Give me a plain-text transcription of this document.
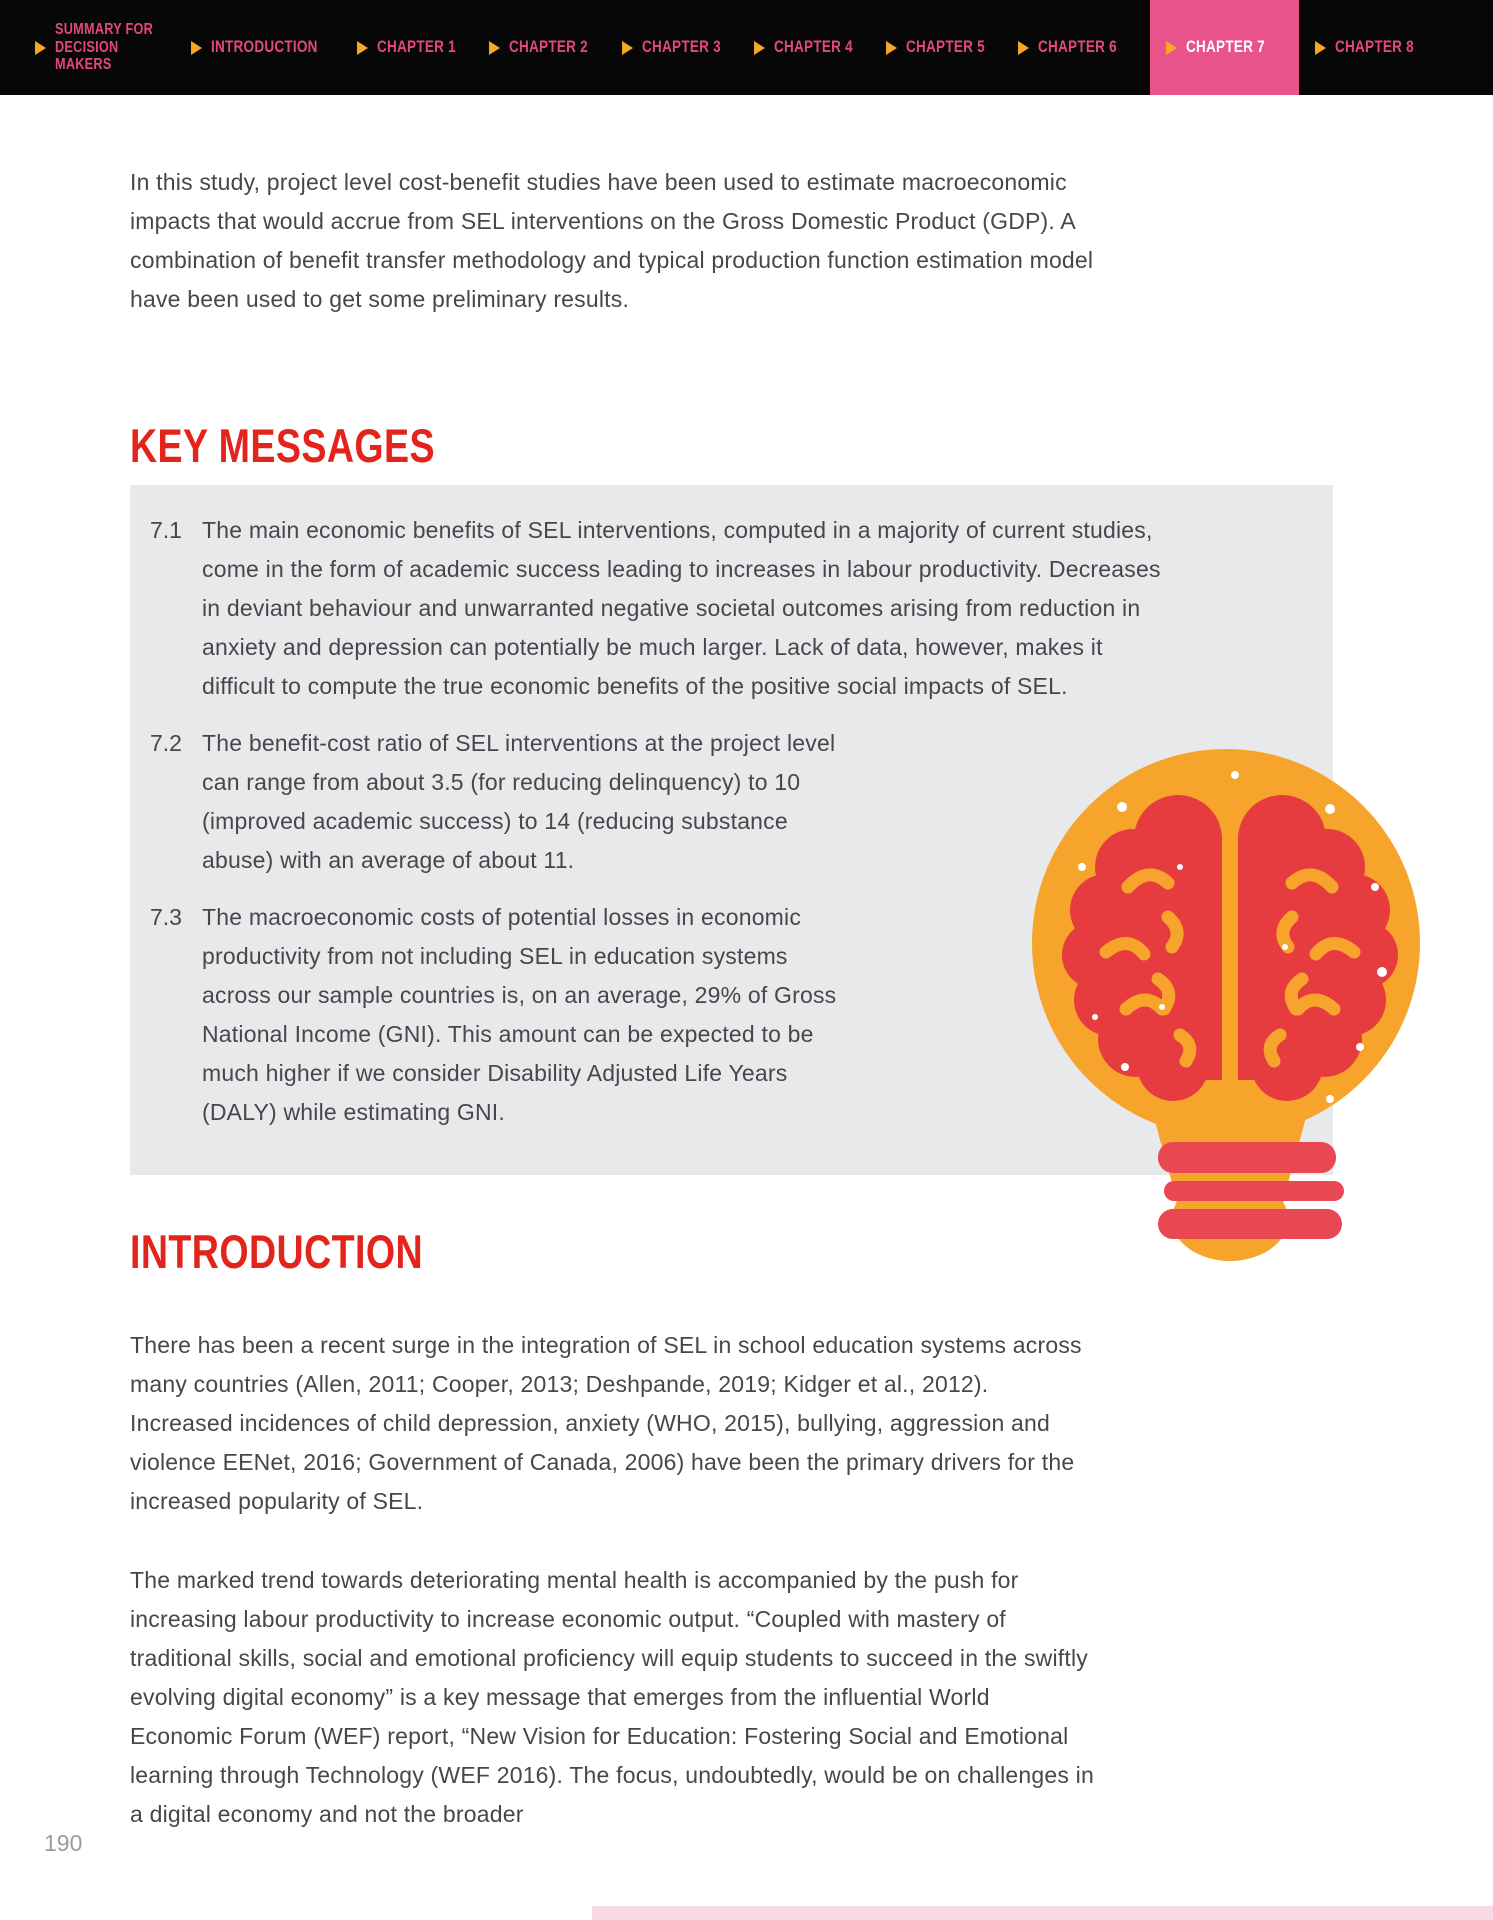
SUMMARY FOR DECISION MAKERS
INTRODUCTION	CHAPTER 1	CHAPTER 2	CHAPTER 3	CHAPTER 4	CHAPTER 5	CHAPTER 6	CHAPTER 7	CHAPTER 8

In this study, project level cost-benefit studies have been used to estimate macroeconomic impacts that would accrue from SEL interventions on the Gross Domestic Product (GDP). A combination of benefit transfer methodology and typical production function estimation model have been used to get some preliminary results.

KEY MESSAGES
7.1 The main economic benefits of SEL interventions, computed in a majority of current studies, come in the form of academic success leading to increases in labour productivity. Decreases in deviant behaviour and unwarranted negative societal outcomes arising from reduction in anxiety and depression can potentially be much larger. Lack of data, however, makes it difficult to compute the true economic benefits of the positive social impacts of SEL.
7.2 The benefit-cost ratio of SEL interventions at the project level can range from about 3.5 (for reducing delinquency) to 10 (improved academic success) to 14 (reducing substance abuse) with an average of about 11.
7.3 The macroeconomic costs of potential losses in economic productivity from not including SEL in education systems across our sample countries is, on an average, 29% of Gross National Income (GNI). This amount can be expected to be much higher if we consider Disability Adjusted Life Years (DALY) while estimating GNI.
INTRODUCTION

There has been a recent surge in the integration of SEL in school education systems across many countries (Allen, 2011; Cooper, 2013; Deshpande, 2019; Kidger et al., 2012). Increased incidences of child depression, anxiety (WHO, 2015), bullying, aggression and violence EENet, 2016; Government of Canada, 2006) have been the primary drivers for the increased popularity of SEL.

The marked trend towards deteriorating mental health is accompanied by the push for increasing labour productivity to increase economic output. “Coupled with mastery of traditional skills, social and emotional proficiency will equip students to succeed in the swiftly evolving digital economy” is a key message that emerges from the influential World Economic Forum (WEF) report, “New Vision for Education: Fostering Social and Emotional learning through Technology (WEF 2016). The focus, undoubtedly, would be on challenges in a digital economy and not the broader

190
